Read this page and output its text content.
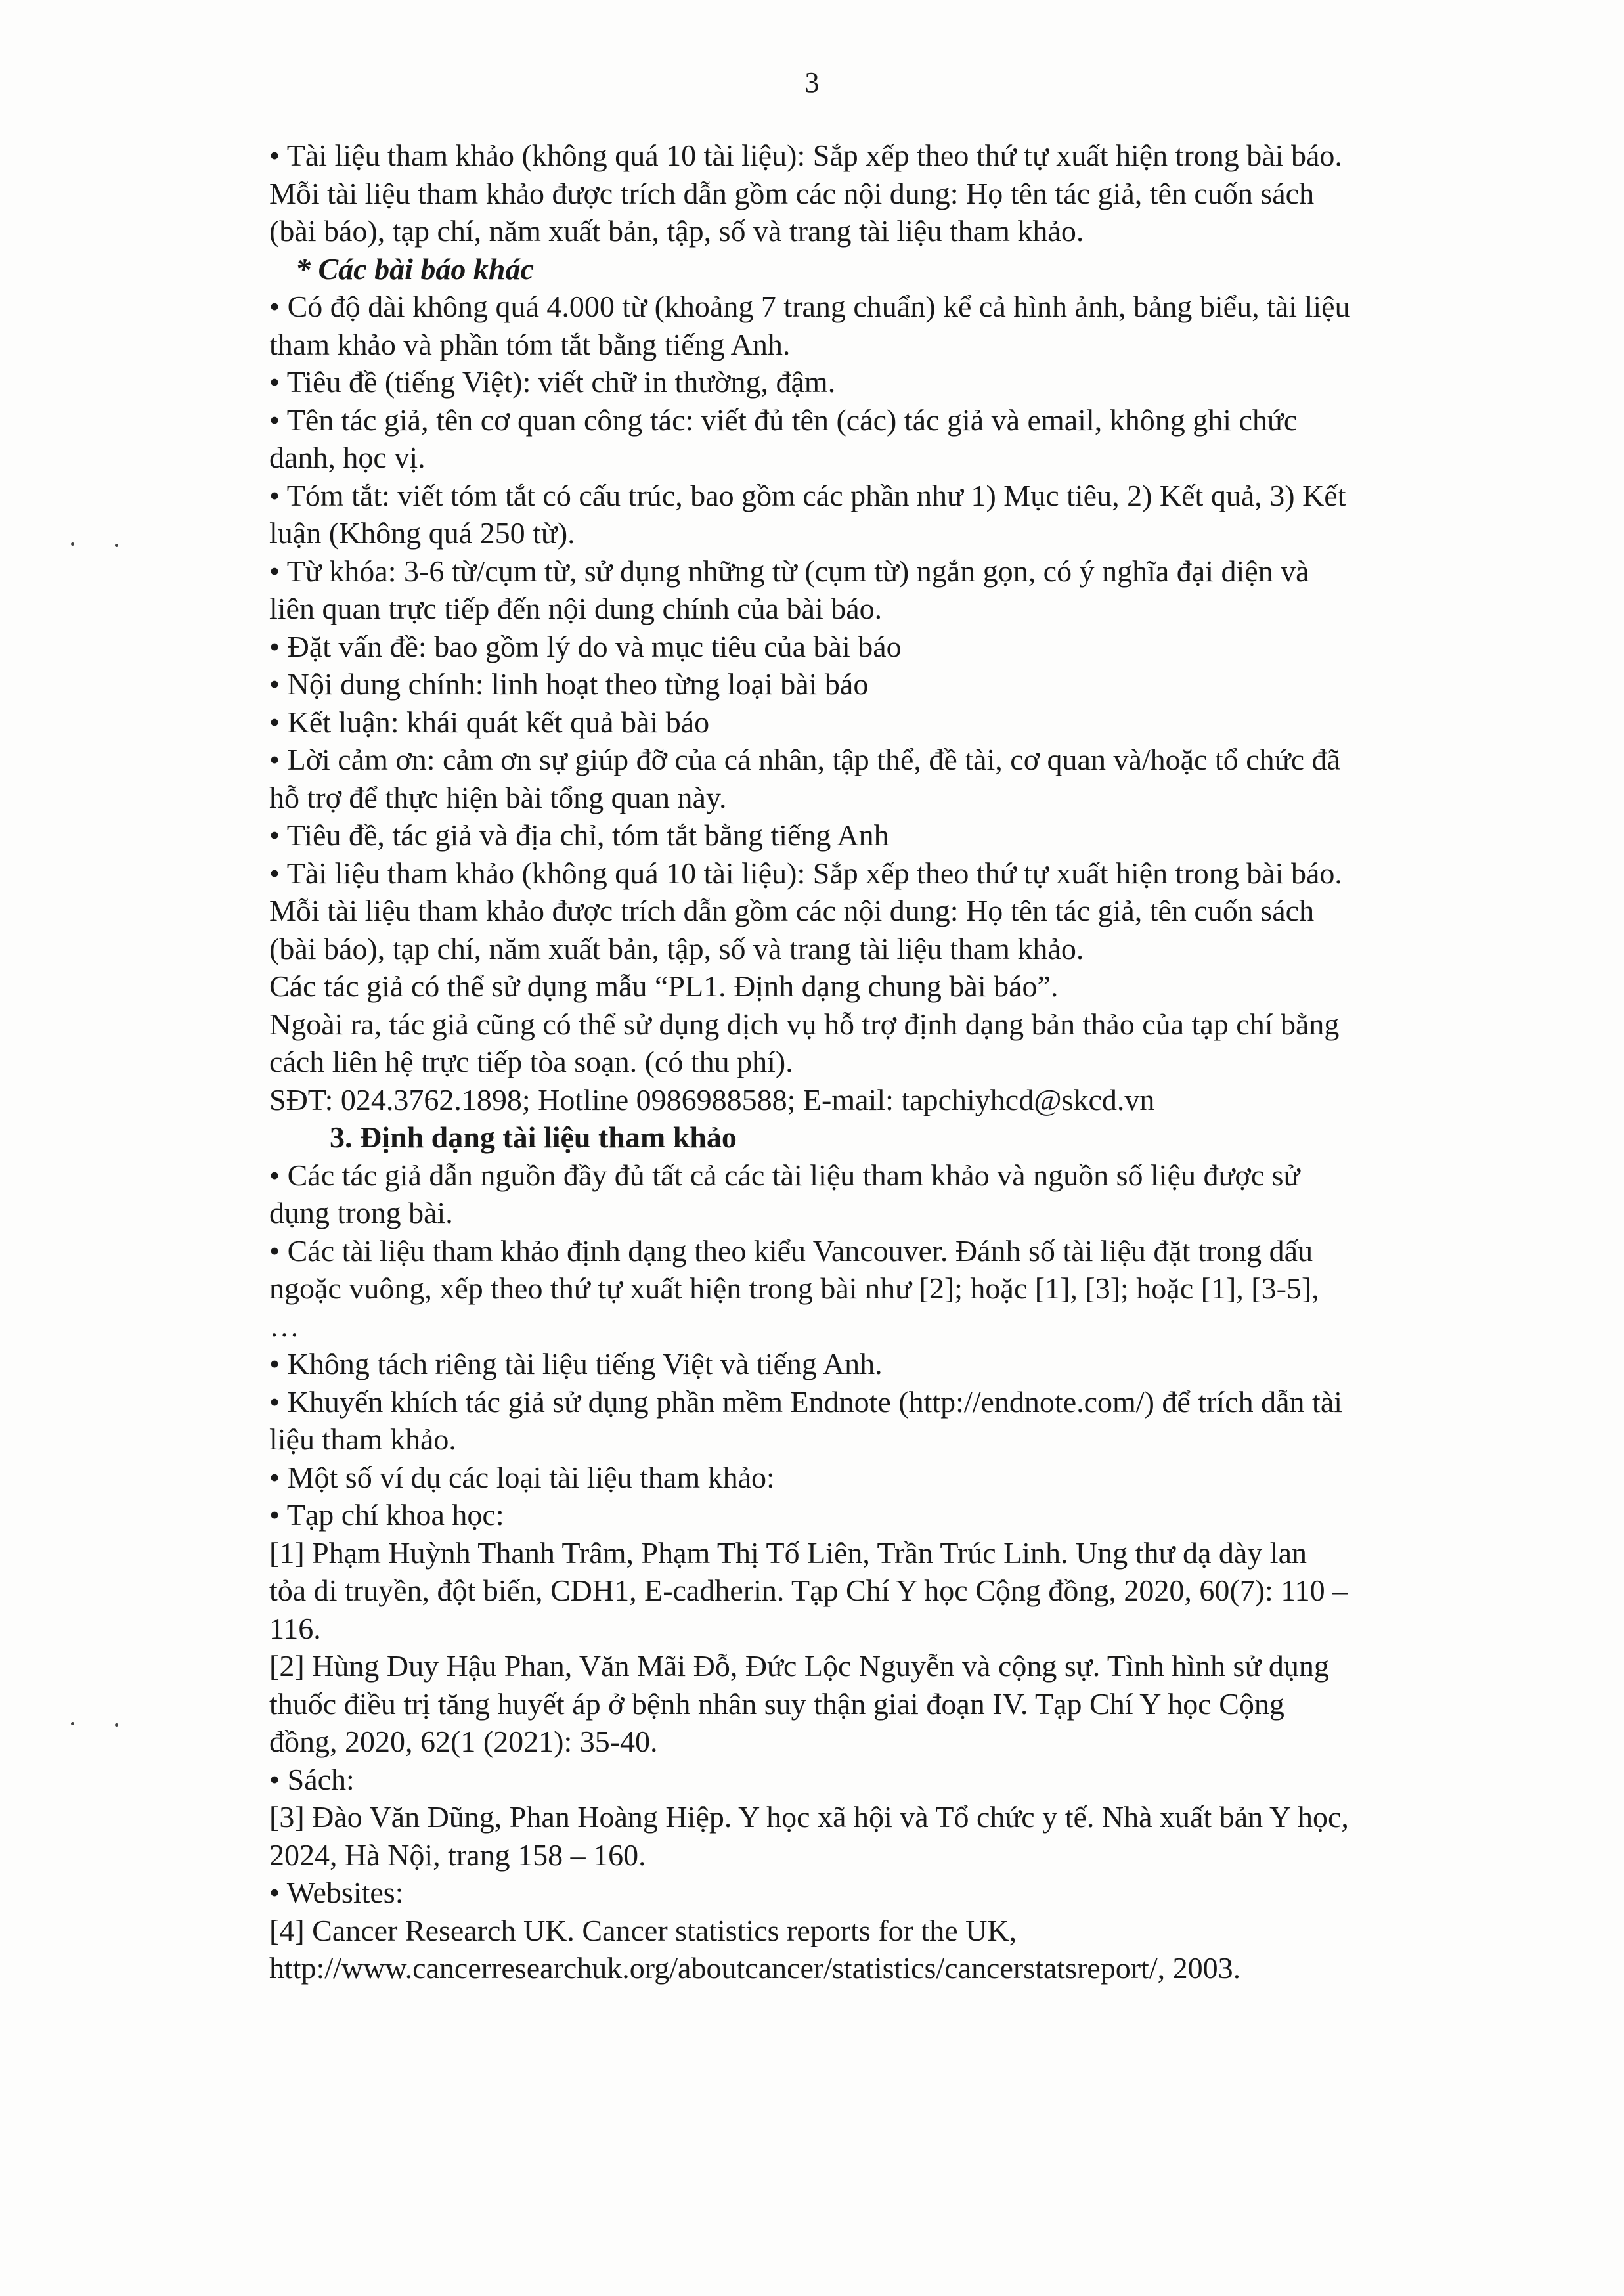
3
• Tài liệu tham khảo (không quá 10 tài liệu): Sắp xếp theo thứ tự xuất hiện trong bài báo.
Mỗi tài liệu tham khảo được trích dẫn gồm các nội dung: Họ tên tác giả, tên cuốn sách
(bài báo), tạp chí, năm xuất bản, tập, số và trang tài liệu tham khảo.
* Các bài báo khác
• Có độ dài không quá 4.000 từ (khoảng 7 trang chuẩn) kể cả hình ảnh, bảng biểu, tài liệu
tham khảo và phần tóm tắt bằng tiếng Anh.
• Tiêu đề (tiếng Việt): viết chữ in thường, đậm.
• Tên tác giả, tên cơ quan công tác: viết đủ tên (các) tác giả và email, không ghi chức
danh, học vị.
• Tóm tắt: viết tóm tắt có cấu trúc, bao gồm các phần như 1) Mục tiêu, 2) Kết quả, 3) Kết
luận (Không quá 250 từ).
• Từ khóa: 3-6 từ/cụm từ, sử dụng những từ (cụm từ) ngắn gọn, có ý nghĩa đại diện và
liên quan trực tiếp đến nội dung chính của bài báo.
• Đặt vấn đề: bao gồm lý do và mục tiêu của bài báo
• Nội dung chính: linh hoạt theo từng loại bài báo
• Kết luận: khái quát kết quả bài báo
• Lời cảm ơn: cảm ơn sự giúp đỡ của cá nhân, tập thể, đề tài, cơ quan và/hoặc tổ chức đã
hỗ trợ để thực hiện bài tổng quan này.
• Tiêu đề, tác giả và địa chỉ, tóm tắt bằng tiếng Anh
• Tài liệu tham khảo (không quá 10 tài liệu): Sắp xếp theo thứ tự xuất hiện trong bài báo.
Mỗi tài liệu tham khảo được trích dẫn gồm các nội dung: Họ tên tác giả, tên cuốn sách
(bài báo), tạp chí, năm xuất bản, tập, số và trang tài liệu tham khảo.
Các tác giả có thể sử dụng mẫu “PL1. Định dạng chung bài báo”.
Ngoài ra, tác giả cũng có thể sử dụng dịch vụ hỗ trợ định dạng bản thảo của tạp chí bằng
cách liên hệ trực tiếp tòa soạn. (có thu phí).
SĐT: 024.3762.1898; Hotline 0986988588; E-mail: tapchiyhcd@skcd.vn
3. Định dạng tài liệu tham khảo
• Các tác giả dẫn nguồn đầy đủ tất cả các tài liệu tham khảo và nguồn số liệu được sử
dụng trong bài.
• Các tài liệu tham khảo định dạng theo kiểu Vancouver. Đánh số tài liệu đặt trong dấu
ngoặc vuông, xếp theo thứ tự xuất hiện trong bài như [2]; hoặc [1], [3]; hoặc [1], [3-5],
…
• Không tách riêng tài liệu tiếng Việt và tiếng Anh.
• Khuyến khích tác giả sử dụng phần mềm Endnote (http://endnote.com/) để trích dẫn tài
liệu tham khảo.
• Một số ví dụ các loại tài liệu tham khảo:
• Tạp chí khoa học:
[1] Phạm Huỳnh Thanh Trâm, Phạm Thị Tố Liên, Trần Trúc Linh. Ung thư dạ dày lan
tỏa di truyền, đột biến, CDH1, E-cadherin. Tạp Chí Y học Cộng đồng, 2020, 60(7): 110 –
116.
[2] Hùng Duy Hậu Phan, Văn Mãi Đỗ, Đức Lộc Nguyễn và cộng sự. Tình hình sử dụng
thuốc điều trị tăng huyết áp ở bệnh nhân suy thận giai đoạn IV. Tạp Chí Y học Cộng
đồng, 2020, 62(1 (2021): 35-40.
• Sách:
[3] Đào Văn Dũng, Phan Hoàng Hiệp. Y học xã hội và Tổ chức y tế. Nhà xuất bản Y học,
2024, Hà Nội, trang 158 – 160.
• Websites:
[4] Cancer Research UK. Cancer statistics reports for the UK,
http://www.cancerresearchuk.org/aboutcancer/statistics/cancerstatsreport/, 2003.
